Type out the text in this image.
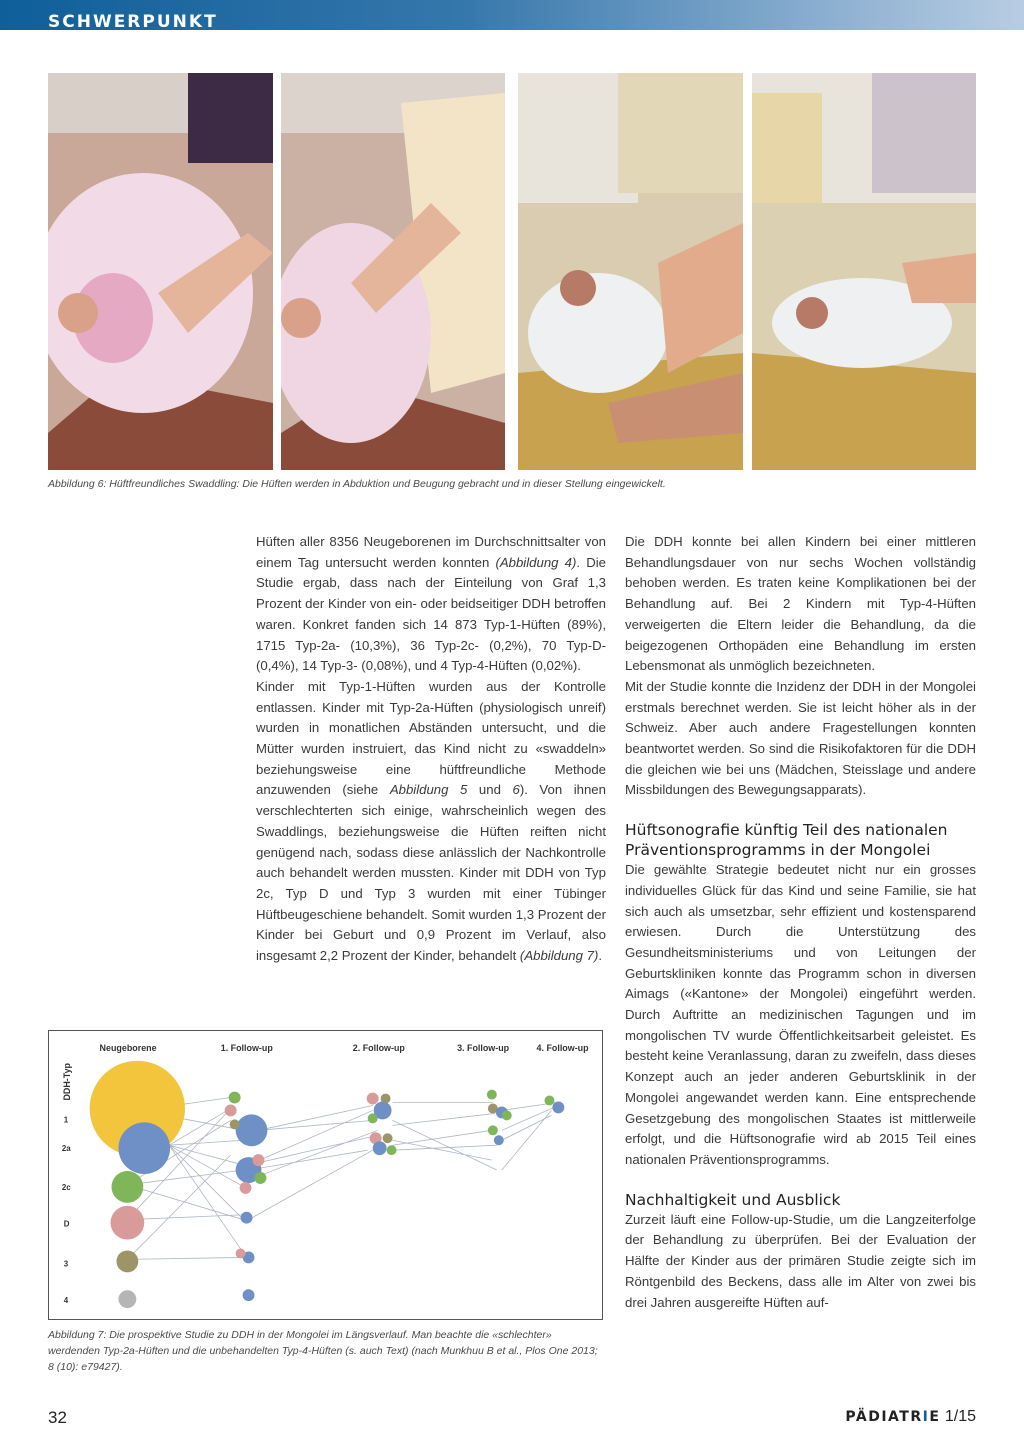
SCHWERPUNKT
Abbildung 6: Hüftfreundliches Swaddling: Die Hüften werden in Abduktion und Beugung gebracht und in dieser Stellung eingewickelt.

Hüften aller 8356 Neugeborenen im Durchschnittsalter von einem Tag untersucht werden konnten (Abbildung 4). Die Studie ergab, dass nach der Einteilung von Graf 1,3 Prozent der Kinder von ein- oder beidseitiger DDH betroffen waren. Konkret fanden sich 14 873 Typ-1-Hüften (89%), 1715 Typ-2a- (10,3%), 36 Typ-2c- (0,2%), 70 Typ-D- (0,4%), 14 Typ-3- (0,08%), und 4 Typ-4-Hüften (0,02%).

Kinder mit Typ-1-Hüften wurden aus der Kontrolle entlassen. Kinder mit Typ-2a-Hüften (physiologisch unreif) wurden in monatlichen Abständen untersucht, und die Mütter wurden instruiert, das Kind nicht zu «swaddeln» beziehungsweise eine hüftfreundliche Methode anzuwenden (siehe Abbildung 5 und 6). Von ihnen verschlechterten sich einige, wahrscheinlich wegen des Swaddlings, beziehungsweise die Hüften reiften nicht genügend nach, sodass diese anlässlich der Nachkontrolle auch behandelt werden mussten. Kinder mit DDH von Typ 2c, Typ D und Typ 3 wurden mit einer Tübinger Hüftbeugeschiene behandelt. Somit wurden 1,3 Prozent der Kinder bei Geburt und 0,9 Prozent im Verlauf, also insgesamt 2,2 Prozent der Kinder, behandelt (Abbildung 7).

Die DDH konnte bei allen Kindern bei einer mittleren Behandlungsdauer von nur sechs Wochen vollständig behoben werden. Es traten keine Komplikationen bei der Behandlung auf. Bei 2 Kindern mit Typ-4-Hüften verweigerten die Eltern leider die Behandlung, da die beigezogenen Orthopäden eine Behandlung im ersten Lebensmonat als unmöglich bezeichneten.

Mit der Studie konnte die Inzidenz der DDH in der Mongolei erstmals berechnet werden. Sie ist leicht höher als in der Schweiz. Aber auch andere Fragestellungen konnten beantwortet werden. So sind die Risikofaktoren für die DDH die gleichen wie bei uns (Mädchen, Steisslage und andere Missbildungen des Bewegungsapparats).

Hüftsonografie künftig Teil des nationalen Präventionsprogramms in der Mongolei

Die gewählte Strategie bedeutet nicht nur ein grosses individuelles Glück für das Kind und seine Familie, sie hat sich auch als umsetzbar, sehr effizient und kostensparend erwiesen. Durch die Unterstützung des Gesundheitsministeriums und von Leitungen der Geburtskliniken konnte das Programm schon in diversen Aimags («Kantone» der Mongolei) eingeführt werden. Durch Auftritte an medizinischen Tagungen und im mongolischen TV wurde Öffentlichkeitsarbeit geleistet. Es besteht keine Veranlassung, daran zu zweifeln, dass dieses Konzept auch an jeder anderen Geburtsklinik in der Mongolei angewandet werden kann. Eine entsprechende Gesetzgebung des mongolischen Staates ist mittlerweile erfolgt, und die Hüftsonografie wird ab 2015 Teil eines nationalen Präventionsprogramms.

Nachhaltigkeit und Ausblick

Zurzeit läuft eine Follow-up-Studie, um die Langzeiterfolge der Behandlung zu überprüfen. Bei der Evaluation der Hälfte der Kinder aus der primären Studie zeigte sich im Röntgenbild des Beckens, dass alle im Alter von zwei bis drei Jahren ausgereifte Hüften auf-

Neugeborene	1. Follow-up	2. Follow-up	3. Follow-up	4. Follow-up
DDH-Typ
1
2a
2c
D
3
4
Abbildung 7: Die prospektive Studie zu DDH in der Mongolei im Längsverlauf. Man beachte die «schlechter» werdenden Typ-2a-Hüften und die unbehandelten Typ-4-Hüften (s. auch Text) (nach Munkhuu B et al., Plos One 2013; 8 (10): e79427).
32	PÄDIATRIE 1/15
